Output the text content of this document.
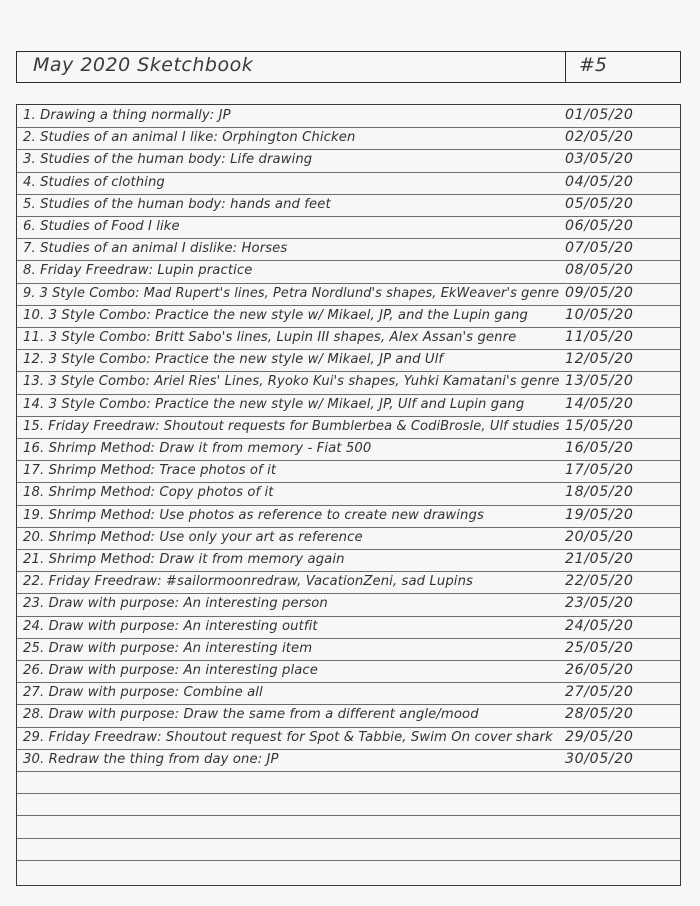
May 2020 Sketchbook	#5
1. Drawing a thing normally: JP	01/05/20
2. Studies of an animal I like: Orphington Chicken	02/05/20
3. Studies of the human body: Life drawing	03/05/20
4. Studies of clothing	04/05/20
5. Studies of the human body: hands and feet	05/05/20
6. Studies of Food I like	06/05/20
7. Studies of an animal I dislike: Horses	07/05/20
8. Friday Freedraw: Lupin practice	08/05/20
9. 3 Style Combo: Mad Rupert's lines, Petra Nordlund's shapes, EkWeaver's genre 09/05/20
10. 3 Style Combo: Practice the new style w/ Mikael, JP, and the Lupin gang	10/05/20
11. 3 Style Combo: Britt Sabo's lines, Lupin III shapes, Alex Assan's genre	11/05/20
12. 3 Style Combo: Practice the new style w/ Mikael, JP and Ulf	12/05/20
13. 3 Style Combo: Ariel Ries' Lines, Ryoko Kui's shapes, Yuhki Kamatani's genre 13/05/20
14. 3 Style Combo: Practice the new style w/ Mikael, JP, Ulf and Lupin gang	14/05/20
15. Friday Freedraw: Shoutout requests for Bumblerbea & CodiBrosle, Ulf studies 15/05/20
16. Shrimp Method: Draw it from memory - Fiat 500	16/05/20
17. Shrimp Method: Trace photos of it	17/05/20
18. Shrimp Method: Copy photos of it	18/05/20
19. Shrimp Method: Use photos as reference to create new drawings	19/05/20
20. Shrimp Method: Use only your art as reference	20/05/20
21. Shrimp Method: Draw it from memory again	21/05/20
22. Friday Freedraw: #sailormoonredraw, VacationZeni, sad Lupins	22/05/20
23. Draw with purpose: An interesting person	23/05/20
24. Draw with purpose: An interesting outfit	24/05/20
25. Draw with purpose: An interesting item	25/05/20
26. Draw with purpose: An interesting place	26/05/20
27. Draw with purpose: Combine all	27/05/20
28. Draw with purpose: Draw the same from a different angle/mood	28/05/20
29. Friday Freedraw: Shoutout request for Spot & Tabbie, Swim On cover shark 29/05/20
30. Redraw the thing from day one: JP	30/05/20
